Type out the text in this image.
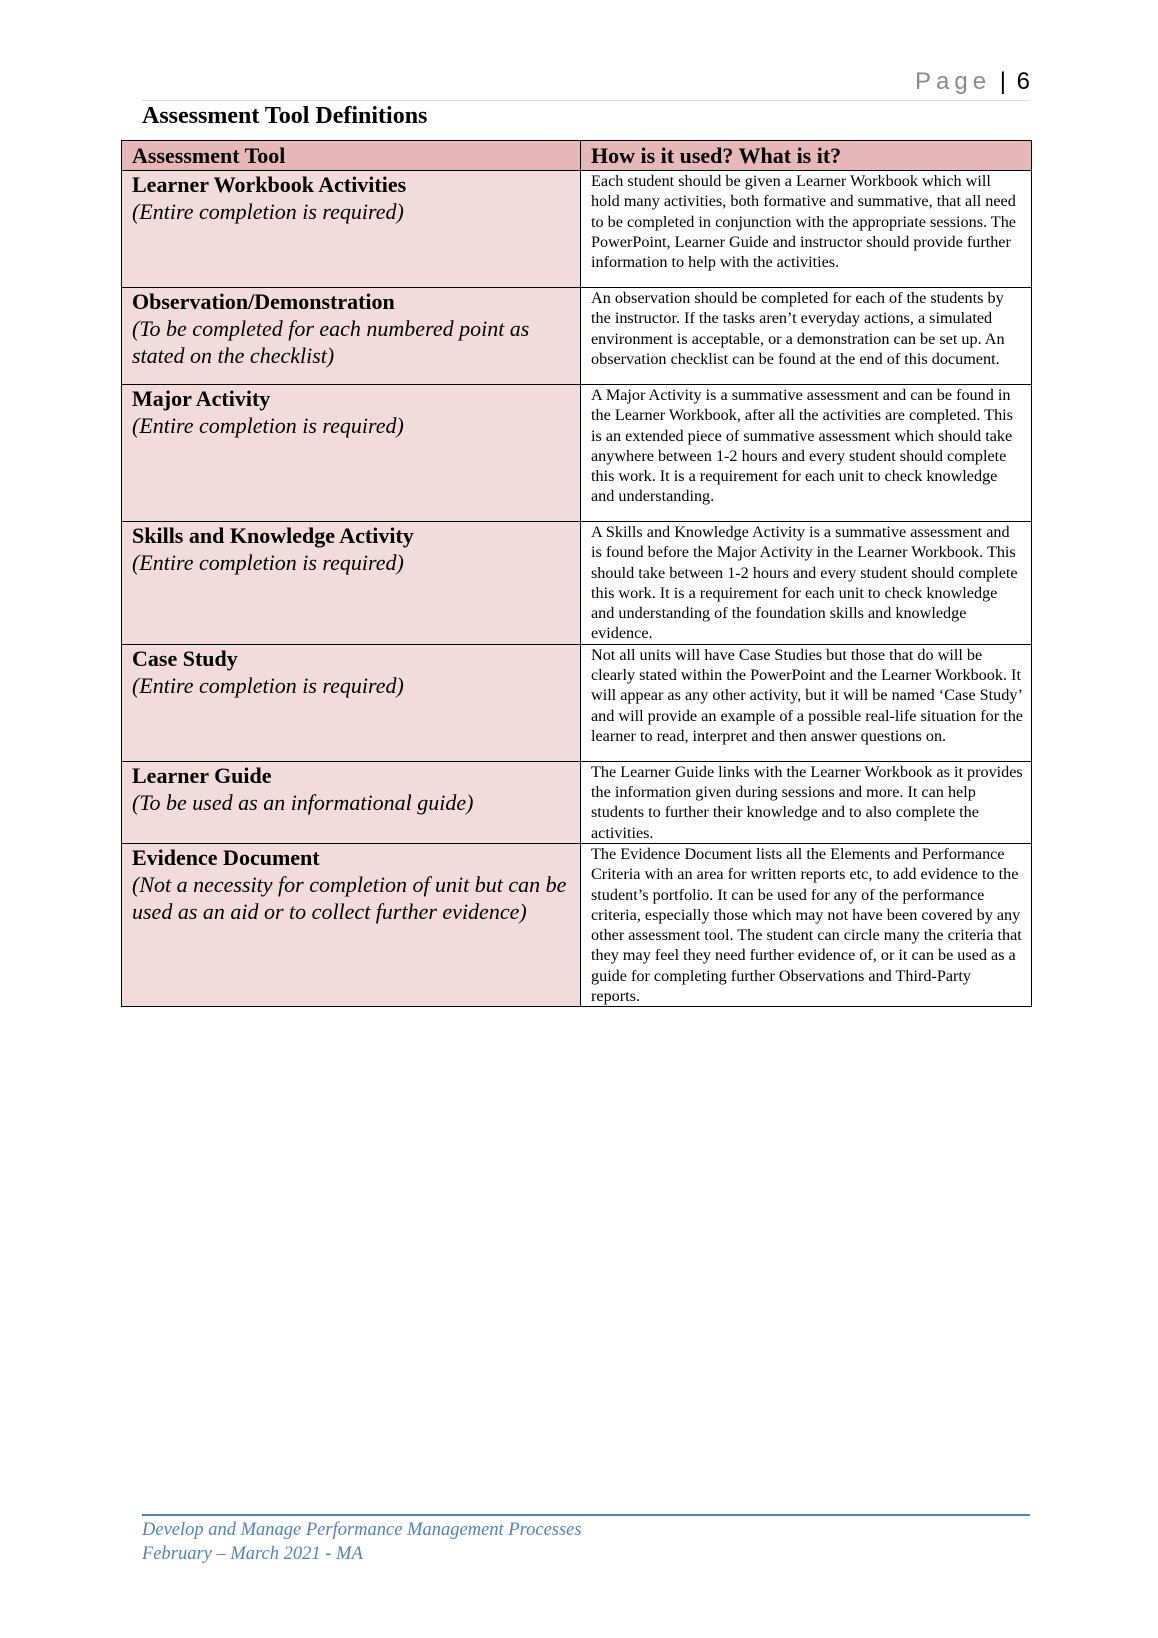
Page | 6
Assessment Tool Definitions
Assessment Tool	How is it used? What is it?

Learner Workbook Activities
(Entire completion is required)	Each student should be given a Learner Workbook which will hold many activities, both formative and summative, that all need to be completed in conjunction with the appropriate sessions. The PowerPoint, Learner Guide and instructor should provide further information to help with the activities.

Observation/Demonstration
(To be completed for each numbered point as stated on the checklist)	An observation should be completed for each of the students by the instructor. If the tasks aren’t everyday actions, a simulated environment is acceptable, or a demonstration can be set up. An observation checklist can be found at the end of this document.

Major Activity
(Entire completion is required)	A Major Activity is a summative assessment and can be found in the Learner Workbook, after all the activities are completed. This is an extended piece of summative assessment which should take anywhere between 1-2 hours and every student should complete this work. It is a requirement for each unit to check knowledge and understanding.

Skills and Knowledge Activity
(Entire completion is required)	A Skills and Knowledge Activity is a summative assessment and is found before the Major Activity in the Learner Workbook. This should take between 1-2 hours and every student should complete this work. It is a requirement for each unit to check knowledge and understanding of the foundation skills and knowledge evidence.

Case Study
(Entire completion is required)	Not all units will have Case Studies but those that do will be clearly stated within the PowerPoint and the Learner Workbook. It will appear as any other activity, but it will be named ‘Case Study’ and will provide an example of a possible real-life situation for the learner to read, interpret and then answer questions on.

Learner Guide
(To be used as an informational guide)	The Learner Guide links with the Learner Workbook as it provides the information given during sessions and more. It can help students to further their knowledge and to also complete the activities.

Evidence Document
(Not a necessity for completion of unit but can be used as an aid or to collect further evidence)	The Evidence Document lists all the Elements and Performance Criteria with an area for written reports etc, to add evidence to the student’s portfolio. It can be used for any of the performance criteria, especially those which may not have been covered by any other assessment tool. The student can circle many the criteria that they may feel they need further evidence of, or it can be used as a guide for completing further Observations and Third-Party reports.
Develop and Manage Performance Management Processes
February – March 2021 - MA
